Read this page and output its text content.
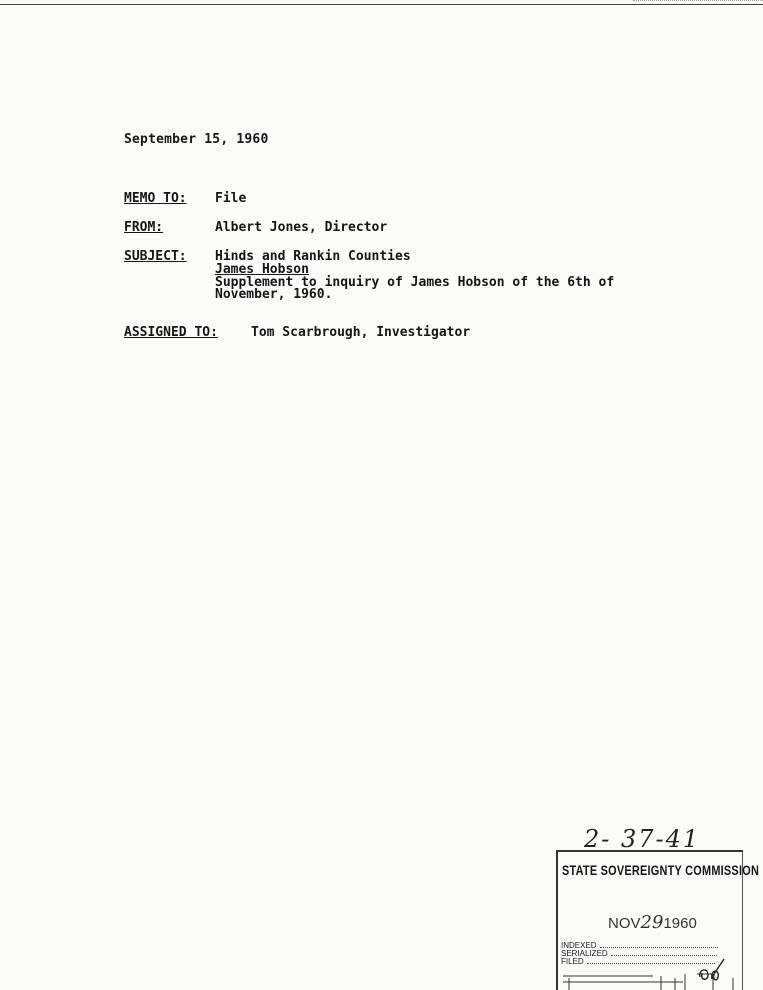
September 15, 1960
MEMO TO: File
FROM:	Albert Jones, Director
SUBJECT: Hinds and Rankin Counties
James Hobson
Supplement to inquiry of James Hobson of the 6th of
November, 1960.
ASSIGNED TO:	Tom Scarbrough, Investigator
2- 37-41
STATE SOVEREIGNTY COMMISSION
NOV291960
INDEXED
SERIALIZED
FILED
